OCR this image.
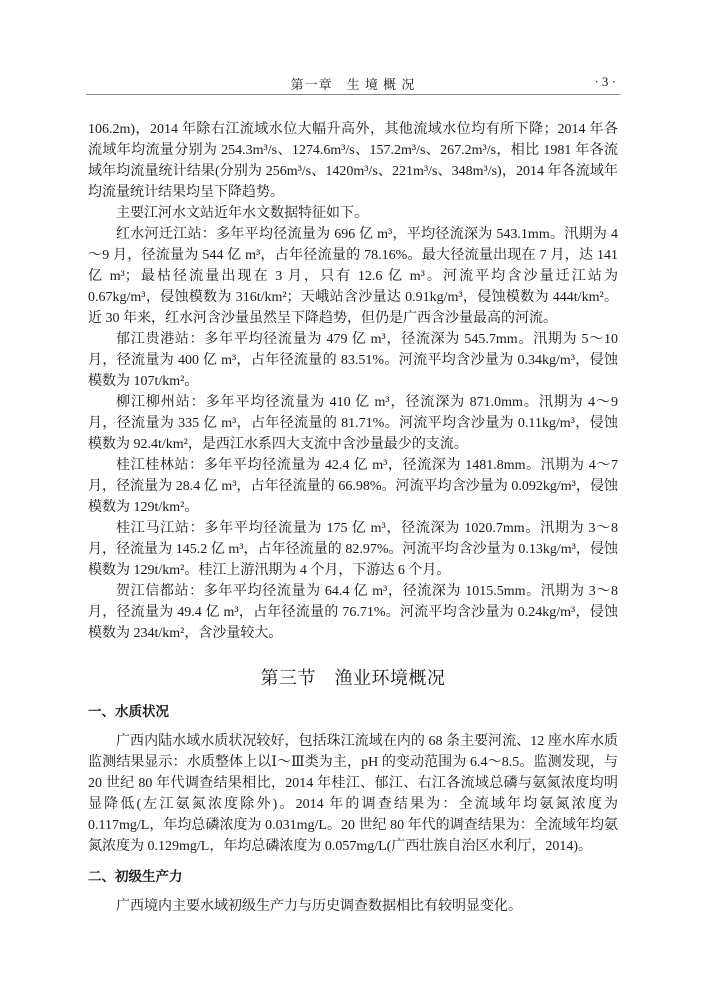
第一章　生 境 概 况	· 3 ·

106.2m)，2014 年除右江流域水位大幅升高外，其他流域水位均有所下降；2014 年各流域年均流量分别为 254.3m³/s、1274.6m³/s、157.2m³/s、267.2m³/s，相比 1981 年各流域年均流量统计结果(分别为 256m³/s、1420m³/s、221m³/s、348m³/s)，2014 年各流域年均流量统计结果均呈下降趋势。

主要江河水文站近年水文数据特征如下。

红水河迁江站：多年平均径流量为 696 亿 m³，平均径流深为 543.1mm。汛期为 4～9 月，径流量为 544 亿 m³，占年径流量的 78.16%。最大径流量出现在 7 月，达 141 亿 m³；最枯径流量出现在 3 月，只有 12.6 亿 m³。河流平均含沙量迁江站为 0.67kg/m³，侵蚀模数为 316t/km²；天峨站含沙量达 0.91kg/m³，侵蚀模数为 444t/km²。近 30 年来，红水河含沙量虽然呈下降趋势，但仍是广西含沙量最高的河流。

郁江贵港站：多年平均径流量为 479 亿 m³，径流深为 545.7mm。汛期为 5～10 月，径流量为 400 亿 m³，占年径流量的 83.51%。河流平均含沙量为 0.34kg/m³，侵蚀模数为 107t/km²。

柳江柳州站：多年平均径流量为 410 亿 m³，径流深为 871.0mm。汛期为 4～9 月，径流量为 335 亿 m³，占年径流量的 81.71%。河流平均含沙量为 0.11kg/m³，侵蚀模数为 92.4t/km²，是西江水系四大支流中含沙量最少的支流。

桂江桂林站：多年平均径流量为 42.4 亿 m³，径流深为 1481.8mm。汛期为 4～7 月，径流量为 28.4 亿 m³，占年径流量的 66.98%。河流平均含沙量为 0.092kg/m³，侵蚀模数为 129t/km²。

桂江马江站：多年平均径流量为 175 亿 m³，径流深为 1020.7mm。汛期为 3～8 月，径流量为 145.2 亿 m³，占年径流量的 82.97%。河流平均含沙量为 0.13kg/m³，侵蚀模数为 129t/km²。桂江上游汛期为 4 个月，下游达 6 个月。

贺江信都站：多年平均径流量为 64.4 亿 m³，径流深为 1015.5mm。汛期为 3～8 月，径流量为 49.4 亿 m³，占年径流量的 76.71%。河流平均含沙量为 0.24kg/m³，侵蚀模数为 234t/km²，含沙量较大。

第三节　渔业环境概况
一、水质状况

广西内陆水域水质状况较好，包括珠江流域在内的 68 条主要河流、12 座水库水质监测结果显示：水质整体上以Ⅰ～Ⅲ类为主，pH 的变动范围为 6.4～8.5。监测发现，与 20 世纪 80 年代调查结果相比，2014 年桂江、郁江、右江各流域总磷与氨氮浓度均明显降低(左江氨氮浓度除外)。2014 年的调查结果为：全流域年均氨氮浓度为 0.117mg/L，年均总磷浓度为 0.031mg/L。20 世纪 80 年代的调查结果为：全流域年均氨氮浓度为 0.129mg/L，年均总磷浓度为 0.057mg/L(广西壮族自治区水利厅，2014)。

二、初级生产力

广西境内主要水域初级生产力与历史调查数据相比有较明显变化。
